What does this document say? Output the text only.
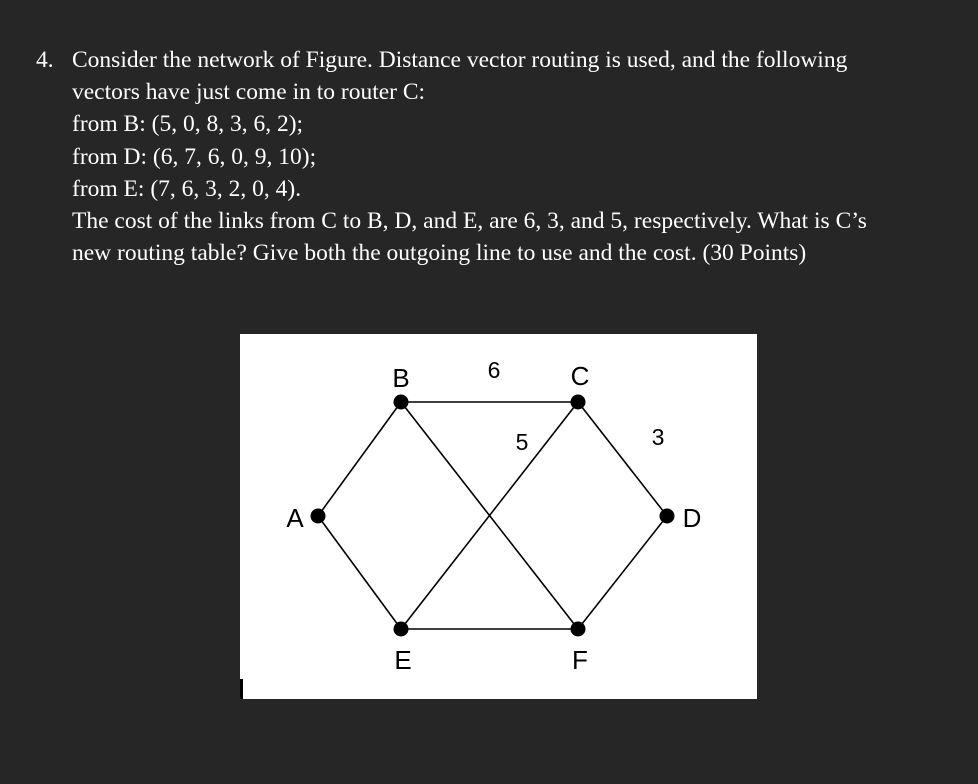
4. Consider the network of Figure. Distance vector routing is used, and the following
vectors have just come in to router C:
from B: (5, 0, 8, 3, 6, 2);
from D: (6, 7, 6, 0, 9, 10);
from E: (7, 6, 3, 2, 0, 4).
The cost of the links from C to B, D, and E, are 6, 3, and 5, respectively. What is C’s
new routing table? Give both the outgoing line to use and the cost. (30 Points)
B	C
A	D
E	F
6
5	3
